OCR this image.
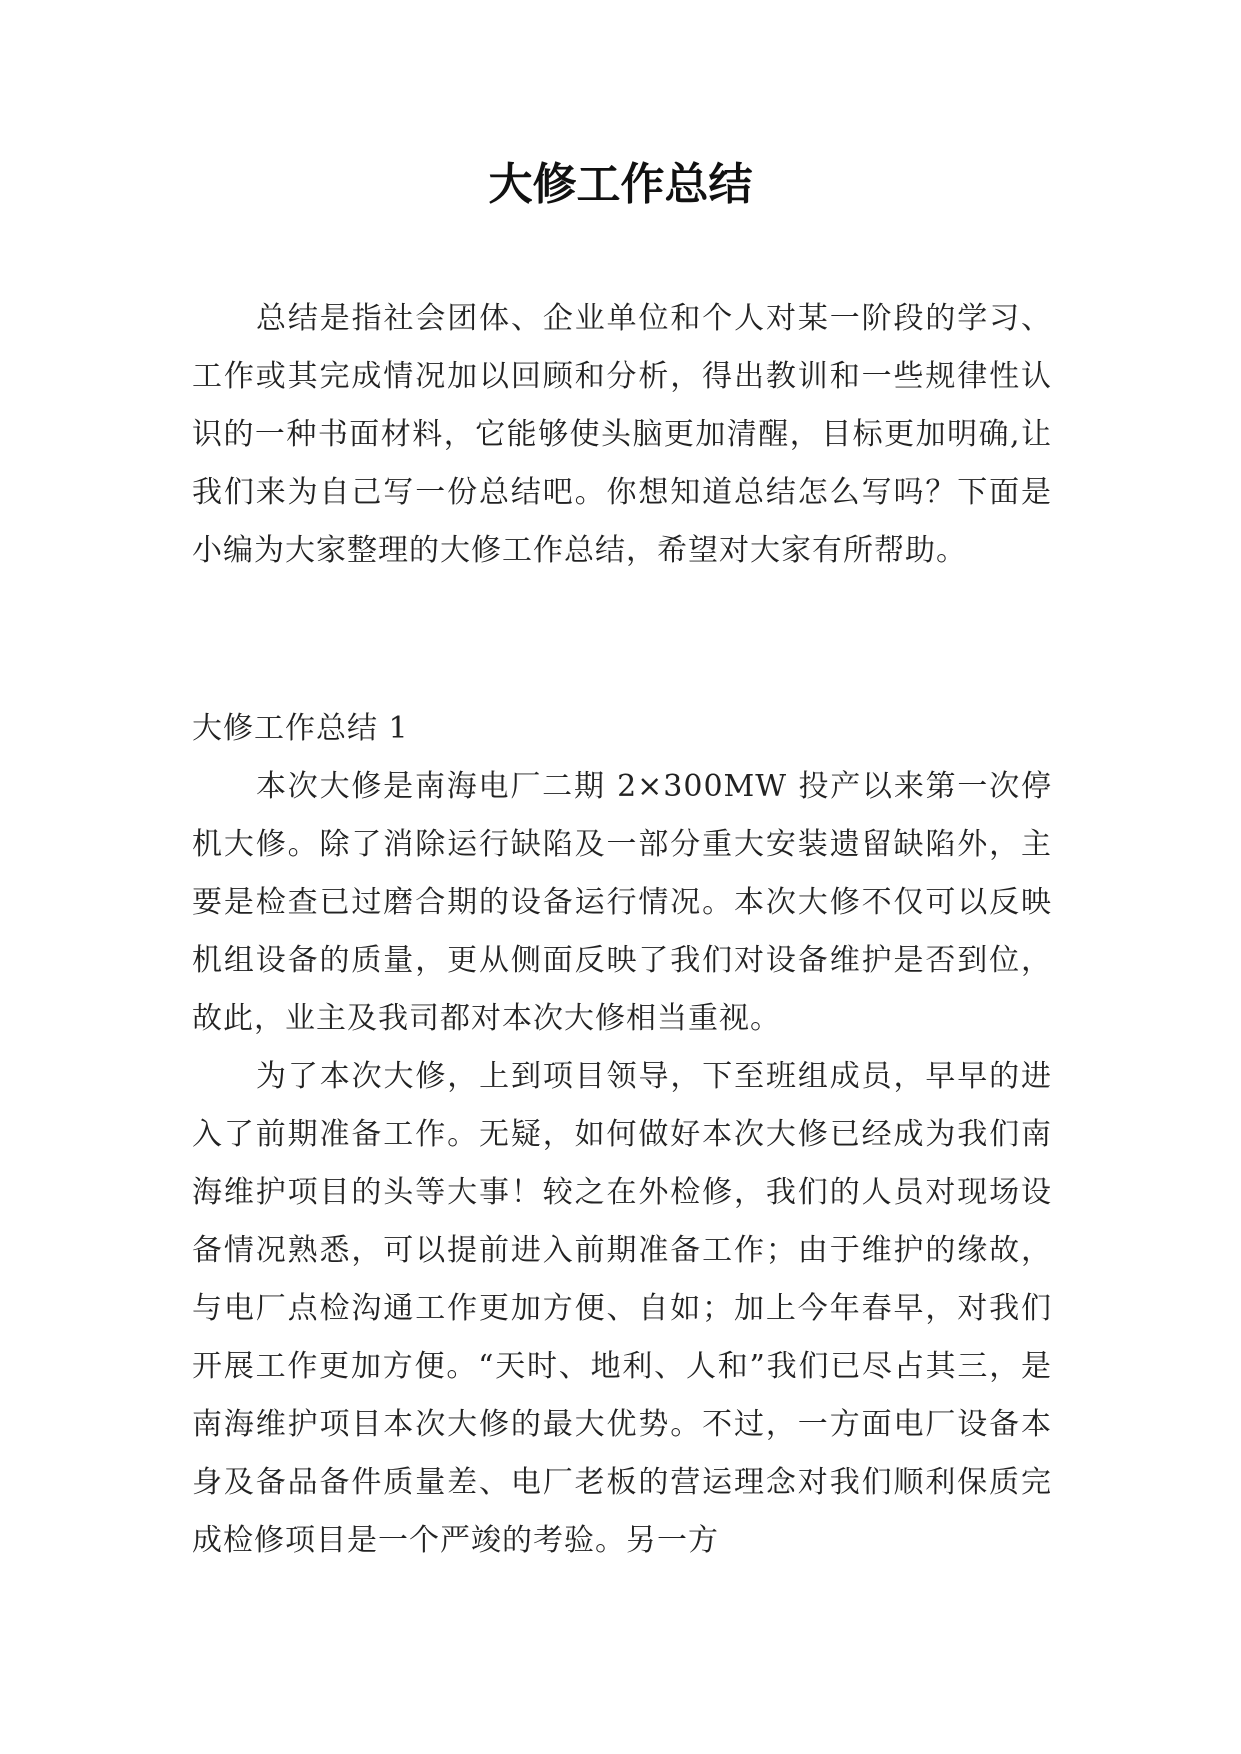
大修工作总结

总结是指社会团体、企业单位和个人对某一阶段的学习、工作或其完成情况加以回顾和分析，得出教训和一些规律性认识的一种书面材料，它能够使头脑更加清醒，目标更加明确,让我们来为自己写一份总结吧。你想知道总结怎么写吗？下面是小编为大家整理的大修工作总结，希望对大家有所帮助。

大修工作总结 1

本次大修是南海电厂二期 2×300MW 投产以来第一次停机大修。除了消除运行缺陷及一部分重大安装遗留缺陷外，主要是检查已过磨合期的设备运行情况。本次大修不仅可以反映机组设备的质量，更从侧面反映了我们对设备维护是否到位，故此，业主及我司都对本次大修相当重视。

为了本次大修，上到项目领导，下至班组成员，早早的进入了前期准备工作。无疑，如何做好本次大修已经成为我们南海维护项目的头等大事！较之在外检修，我们的人员对现场设备情况熟悉，可以提前进入前期准备工作；由于维护的缘故，与电厂点检沟通工作更加方便、自如；加上今年春早，对我们开展工作更加方便。“天时、地利、人和”我们已尽占其三，是南海维护项目本次大修的最大优势。不过，一方面电厂设备本身及备品备件质量差、电厂老板的营运理念对我们顺利保质完成检修项目是一个严竣的考验。另一方
